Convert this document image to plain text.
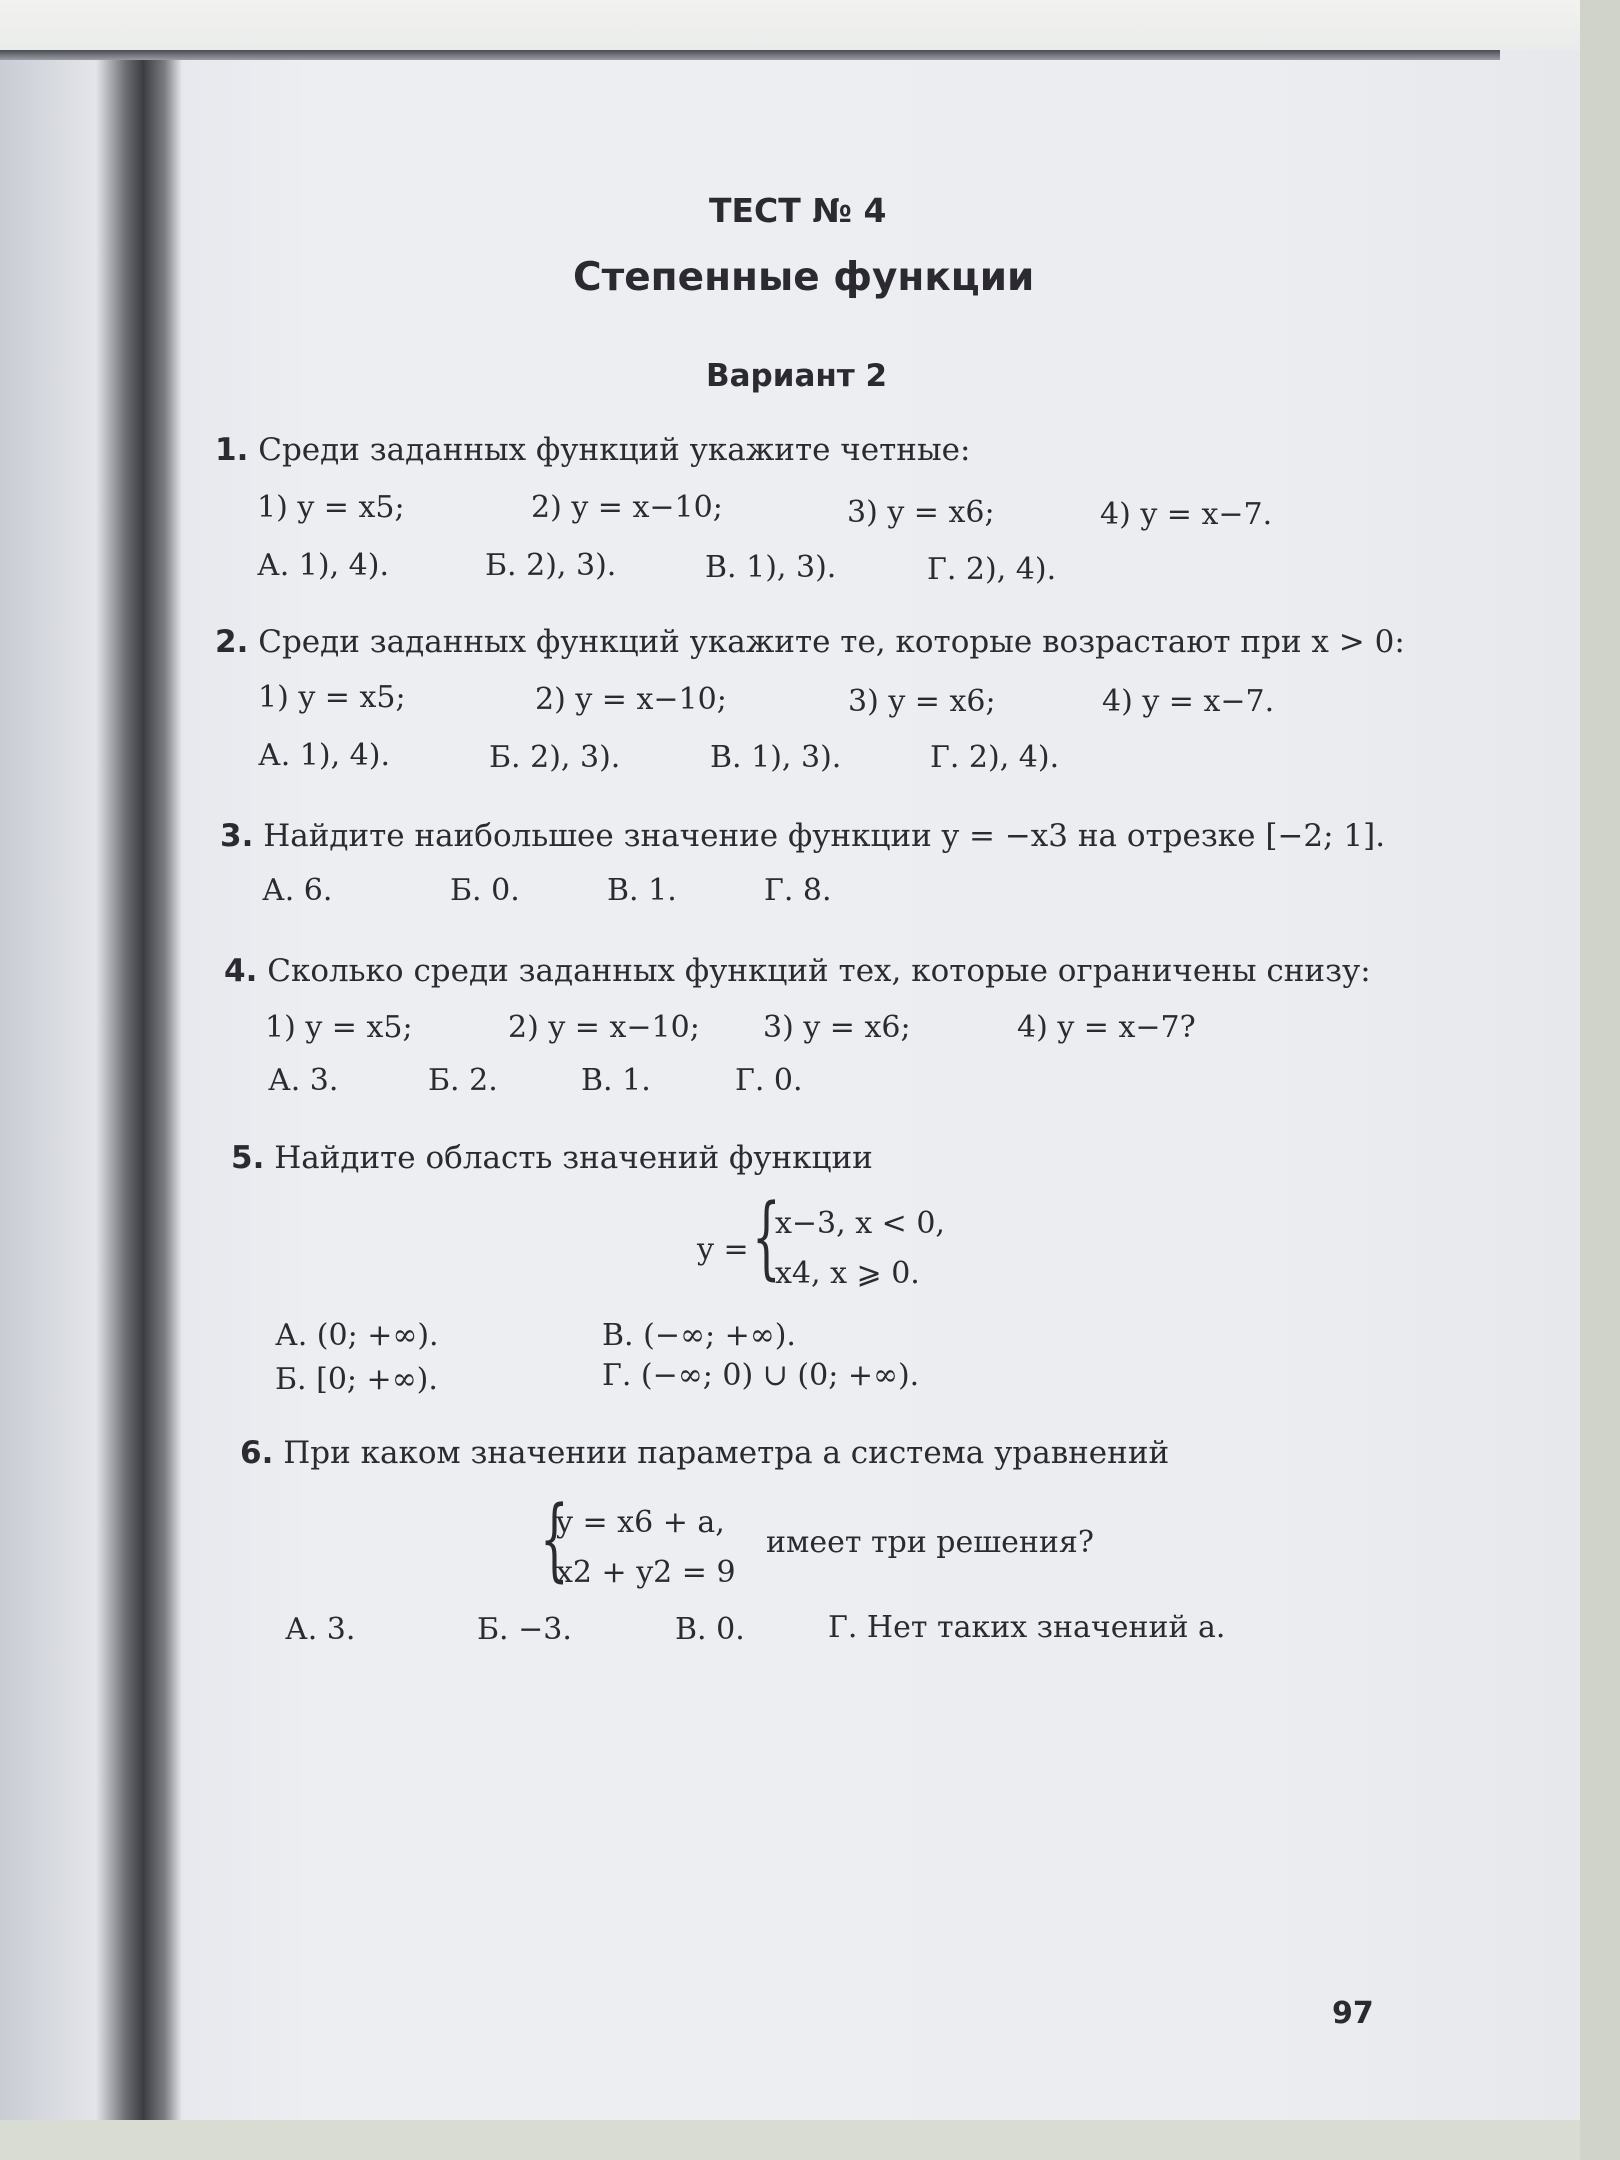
ТЕСТ № 4
Степенные функции
Вариант 2
1. Среди заданных функций укажите четные:
1) y = x5;	2) y = x−10;	3) y = x6;	4) y = x−7.
А. 1), 4).	Б. 2), 3).	В. 1), 3).	Г. 2), 4).
2. Среди заданных функций укажите те, которые возрастают при x > 0:
1) y = x5;	2) y = x−10;	3) y = x6;	4) y = x−7.
А. 1), 4).	Б. 2), 3).	В. 1), 3).	Г. 2), 4).
3. Найдите наибольшее значение функции y = −x3 на отрезке [−2; 1].
А. 6.	Б. 0.	В. 1.	Г. 8.
4. Сколько среди заданных функций тех, которые ограничены снизу:
1) y = x5;	2) y = x−10; 3) y = x6;	4) y = x−7?
А. 3.	Б. 2.	В. 1.	Г. 0.
5. Найдите область значений функции
y = {
x−3, x < 0,
x4, x ⩾ 0.
А. (0; +∞).	В. (−∞; +∞).
Б. [0; +∞).	Г. (−∞; 0) ∪ (0; +∞).
6. При каком значении параметра a система уравнений
{
y = x6 + a,
x2 + y2 = 9
имеет три решения?
А. 3.	Б. −3.	В. 0.	Г. Нет таких значений a.
97
